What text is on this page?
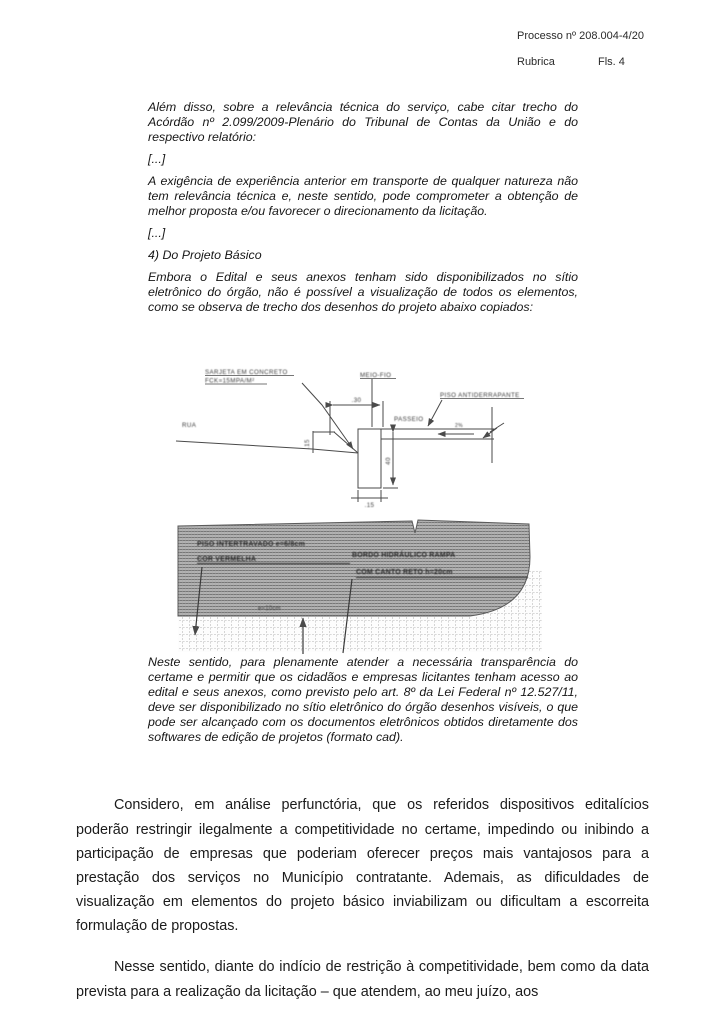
Processo nº 208.004-4/20
Rubrica	Fls. 4

Além disso, sobre a relevância técnica do serviço, cabe citar trecho do Acórdão nº 2.099/2009-Plenário do Tribunal de Contas da União e do respectivo relatório:

[...]

A exigência de experiência anterior em transporte de qualquer natureza não tem relevância técnica e, neste sentido, pode comprometer a obtenção de melhor proposta e/ou favorecer o direcionamento da licitação.

[...]

4) Do Projeto Básico

Embora o Edital e seus anexos tenham sido disponibilizados no sítio eletrônico do órgão, não é possível a visualização de todos os elementos, como se observa de trecho dos desenhos do projeto abaixo copiados:

SARJETA EM CONCRETO
FCK=15MPA/M²
MEIO-FIO
PISO ANTIDERRAPANTE
PASSEIO
RUA	2%
.30
40
.15
.15
PISO INTERTRAVADO e=6/8cm
COR VERMELHA
BORDO HIDRÁULICO RAMPA
COM CANTO RETO h=20cm
e=10cm

Neste sentido, para plenamente atender a necessária transparência do certame e permitir que os cidadãos e empresas licitantes tenham acesso ao edital e seus anexos, como previsto pelo art. 8º da Lei Federal nº 12.527/11, deve ser disponibilizado no sítio eletrônico do órgão desenhos visíveis, o que pode ser alcançado com os documentos eletrônicos obtidos diretamente dos softwares de edição de projetos (formato cad).

Considero, em análise perfunctória, que os referidos dispositivos editalícios poderão restringir ilegalmente a competitividade no certame, impedindo ou inibindo a participação de empresas que poderiam oferecer preços mais vantajosos para a prestação dos serviços no Município contratante. Ademais, as dificuldades de visualização em elementos do projeto básico inviabilizam ou dificultam a escorreita formulação de propostas.

Nesse sentido, diante do indício de restrição à competitividade, bem como da data prevista para a realização da licitação – que atendem, ao meu juízo, aos
